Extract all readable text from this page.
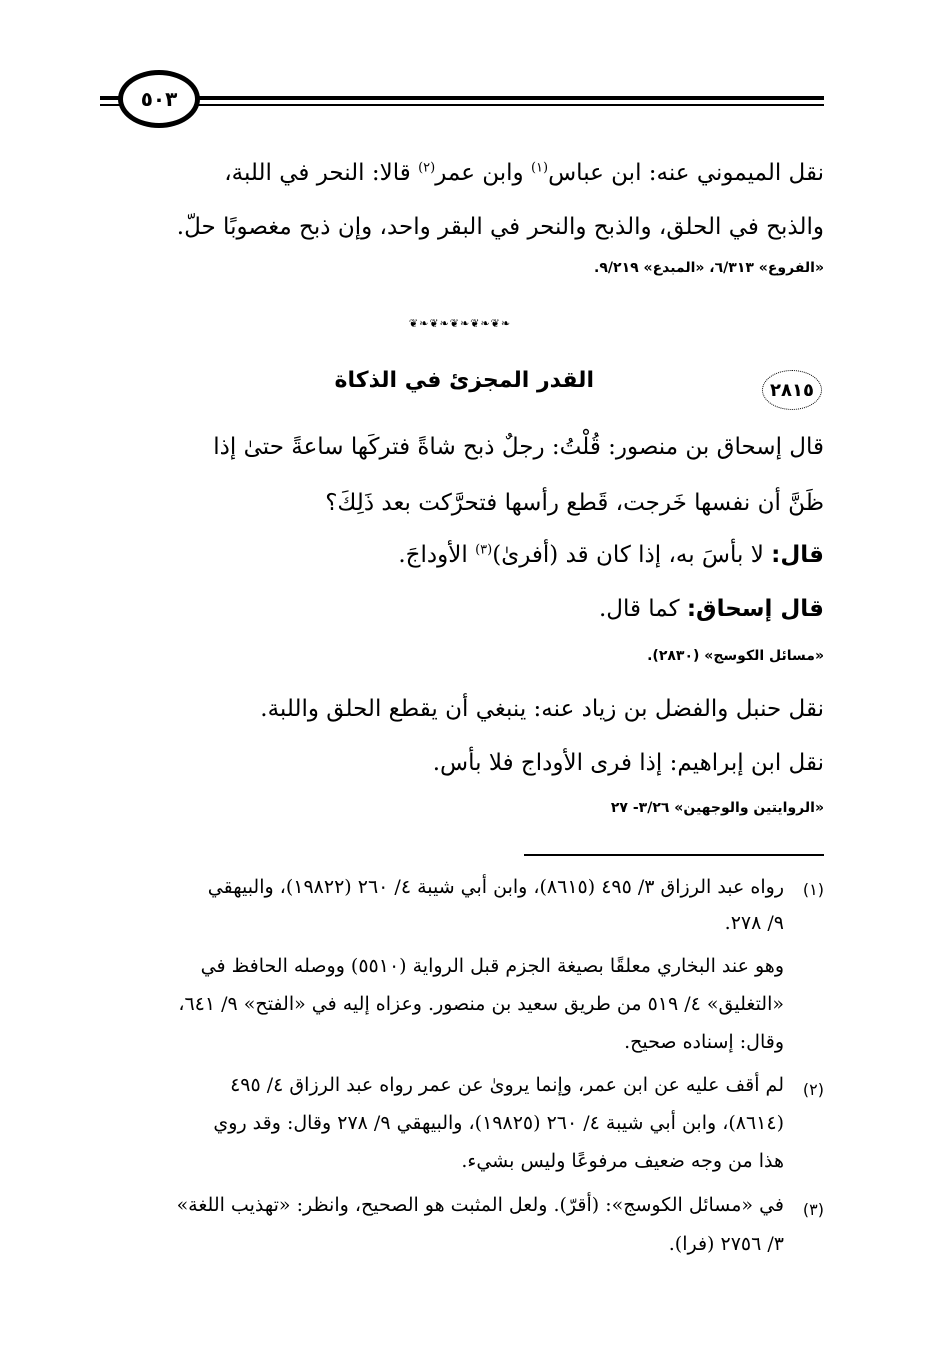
٥٠٣
نقل الميموني عنه: ابن عباس$^{(١)}$ وابن عمر$^{(٢)}$ قالا: النحر في اللبة،
والذبح في الحلق، والذبح والنحر في البقر واحد، وإن ذبح مغصوبًا حلّ.
«الفروع» ٦/٣١٣، «المبدع» ٩/٢١٩.
❧❦❧❦❧❦❧❦❧❦
٢٨١٥
القدر المجزئ في الذكاة
قال إسحاق بن منصور: قُلْتُ: رجلٌ ذبح شاةً فتركَها ساعةً حتىٰ إذا
ظَنَّ أن نفسها خَرجت، قَطع رأسها فتحرَّكت بعد ذَلِكَ؟
قال: لا بأسَ به، إذا كان قد (أفرىٰ)$^{(٣)}$ الأوداجَ.
قال إسحاق: كما قال.
«مسائل الكوسج» (٢٨٣٠).
نقل حنبل والفضل بن زياد عنه: ينبغي أن يقطع الحلق واللبة.
نقل ابن إبراهيم: إذا فرى الأوداج فلا بأس.
«الروايتين والوجهين» ٣/٢٦- ٢٧
(١)
رواه عبد الرزاق ٣/ ٤٩٥ (٨٦١٥)، وابن أبي شيبة ٤/ ٢٦٠ (١٩٨٢٢)، والبيهقي
٩/ ٢٧٨.
وهو عند البخاري معلقًا بصيغة الجزم قبل الرواية (٥٥١٠) ووصله الحافظ في
«التغليق» ٤/ ٥١٩ من طريق سعيد بن منصور. وعزاه إليه في «الفتح» ٩/ ٦٤١،
وقال: إسناده صحيح.
(٢)
لم أقف عليه عن ابن عمر، وإنما يروىٰ عن عمر رواه عبد الرزاق ٤/ ٤٩٥
(٨٦١٤)، وابن أبي شيبة ٤/ ٢٦٠ (١٩٨٢٥)، والبيهقي ٩/ ٢٧٨ وقال: وقد روي
هذا من وجه ضعيف مرفوعًا وليس بشيء.
(٣)
في «مسائل الكوسج»: (أقرّ). ولعل المثبت هو الصحيح، وانظر: «تهذيب اللغة»
٣/ ٢٧٥٦ (فرا).
